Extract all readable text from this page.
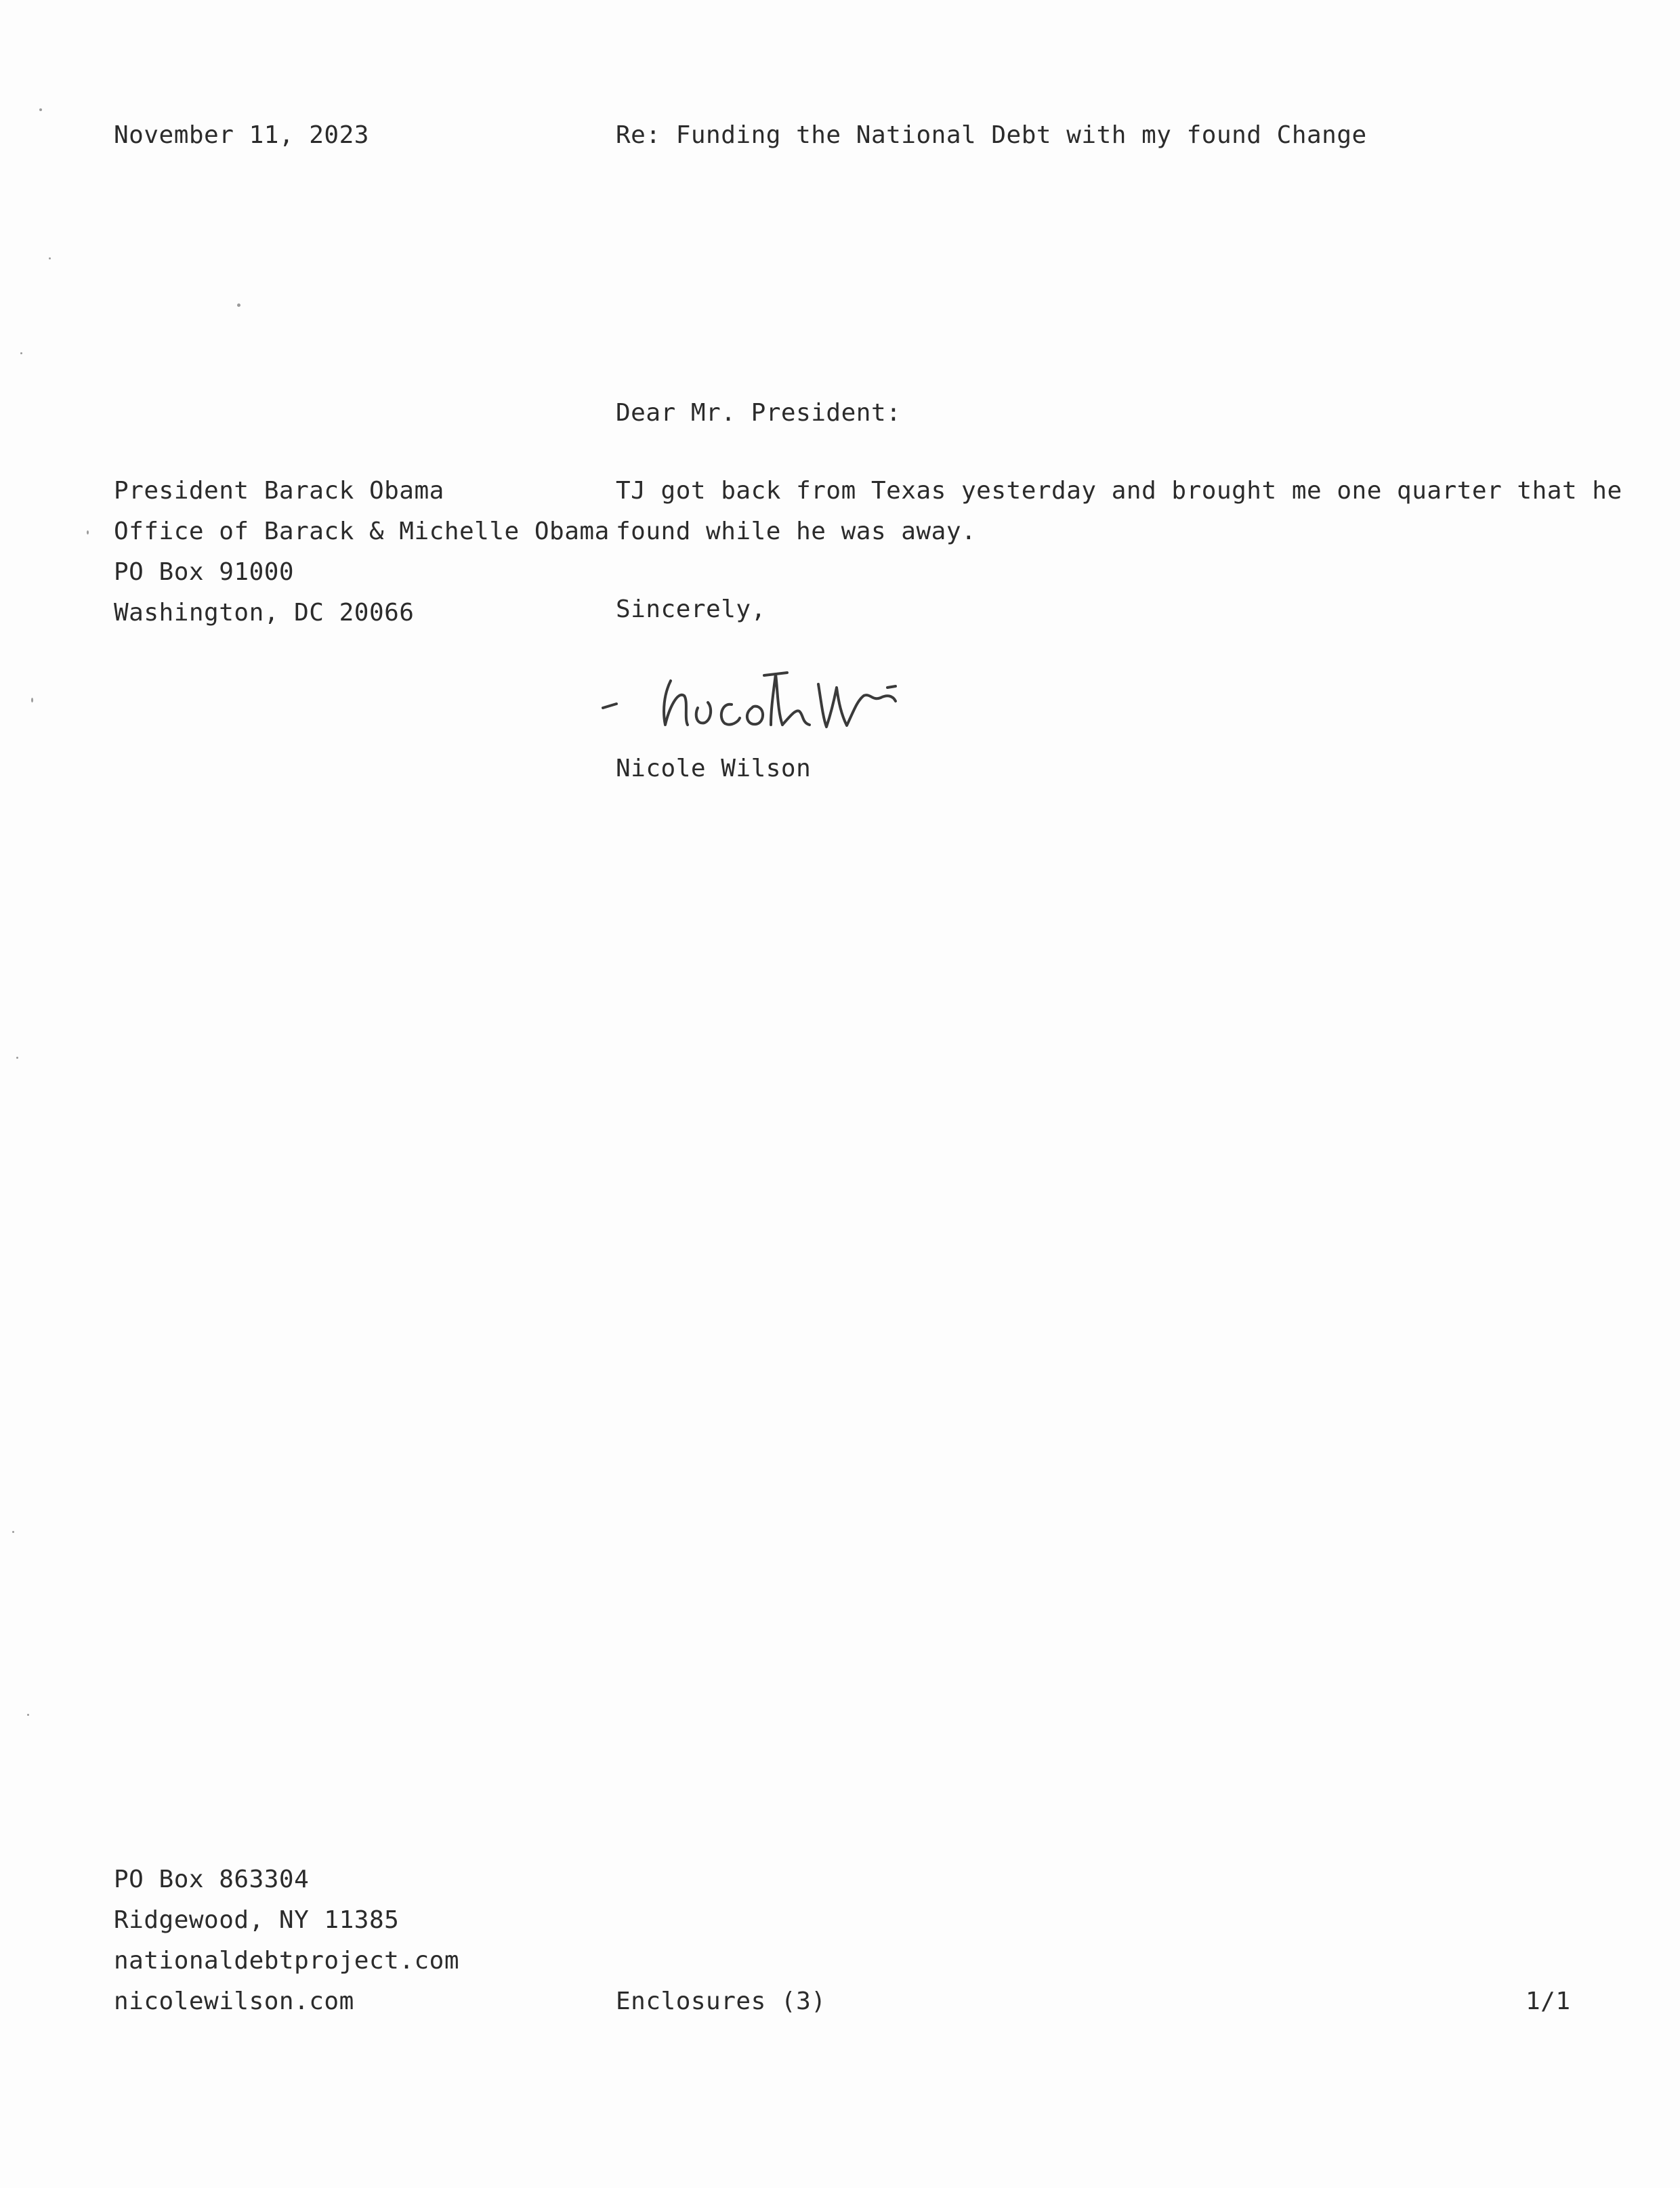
November 11, 2023	Re: Funding the National Debt with my found Change
Dear Mr. President:
President Barack Obama
Office of Barack & Michelle Obama
PO Box 91000
Washington, DC 20066
TJ got back from Texas yesterday and brought me one quarter that he
found while he was away.
Sincerely,
Nicole Wilson
PO Box 863304
Ridgewood, NY 11385
nationaldebtproject.com
nicolewilson.com	Enclosures (3)	1/1
